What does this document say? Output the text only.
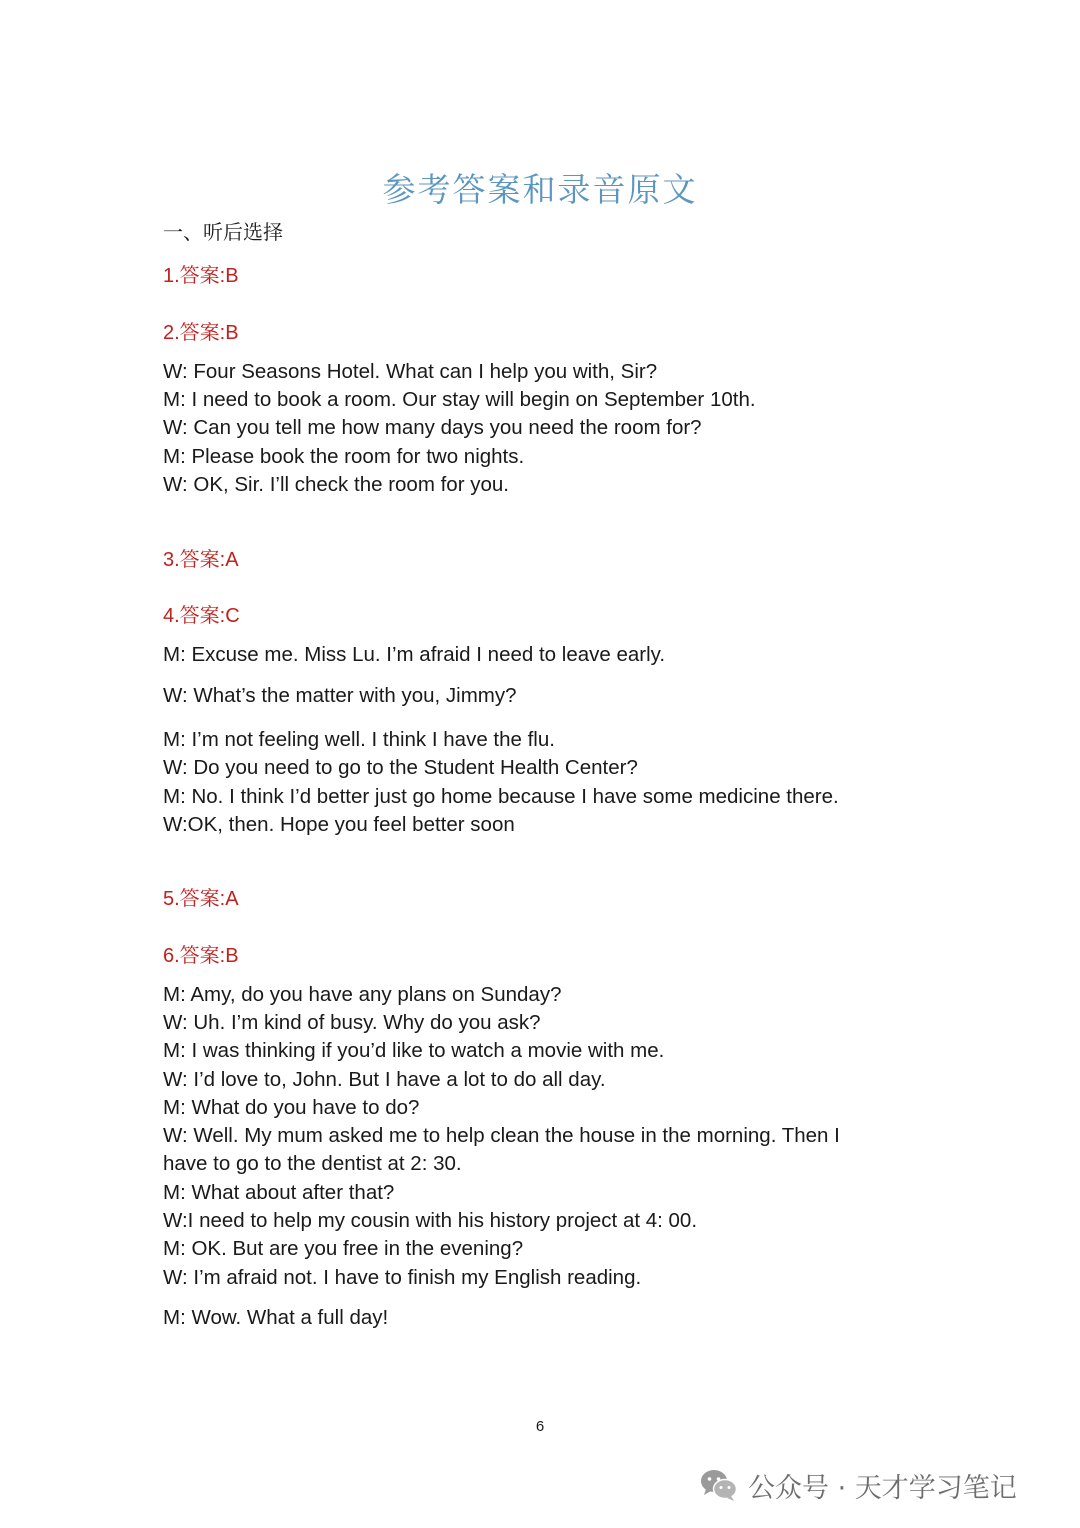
参考答案和录音原文
一、听后选择
1.答案:B
2.答案:B
W: Four Seasons Hotel. What can I help you with, Sir?
M: I need to book a room. Our stay will begin on September 10th.
W: Can you tell me how many days you need the room for?
M: Please book the room for two nights.
W: OK, Sir. I’ll check the room for you.
3.答案:A
4.答案:C
M: Excuse me. Miss Lu. I’m afraid I need to leave early.
W: What’s the matter with you, Jimmy?
M: I’m not feeling well. I think I have the flu.
W: Do you need to go to the Student Health Center?
M: No. I think I’d better just go home because I have some medicine there.
W:OK, then. Hope you feel better soon
5.答案:A
6.答案:B
M: Amy, do you have any plans on Sunday?
W: Uh. I’m kind of busy. Why do you ask?
M: I was thinking if you’d like to watch a movie with me.
W: I’d love to, John. But I have a lot to do all day.
M: What do you have to do?
W: Well. My mum asked me to help clean the house in the morning. Then I
have to go to the dentist at 2: 30.
M: What about after that?
W:I need to help my cousin with his history project at 4: 00.
M: OK. But are you free in the evening?
W: I’m afraid not. I have to finish my English reading.
M: Wow. What a full day!
6
公众号 · 天才学习笔记
